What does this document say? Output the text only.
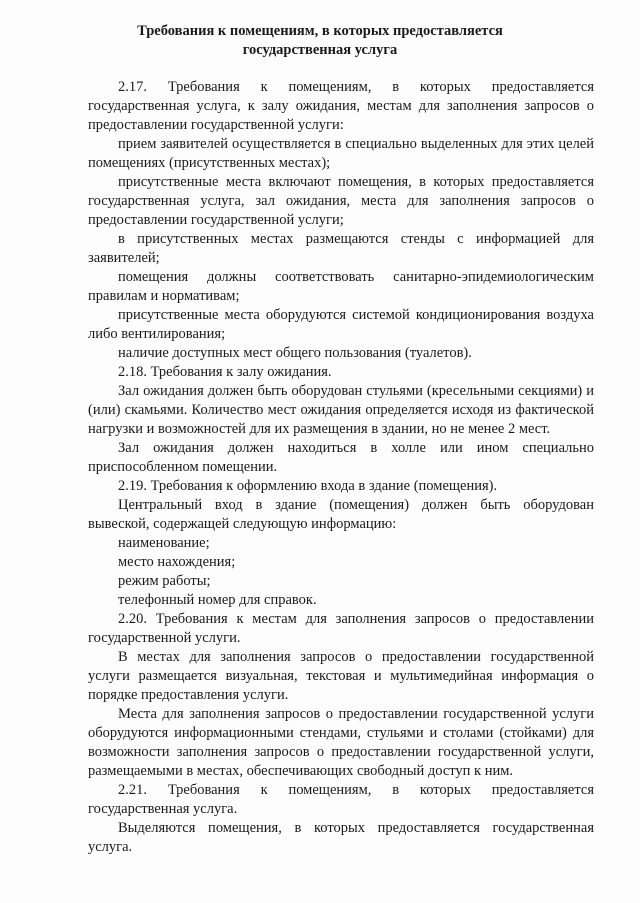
Требования к помещениям, в которых предоставляется
государственная услуга

2.17. Требования к помещениям, в которых предоставляется государственная услуга, к залу ожидания, местам для заполнения запросов о предоставлении государственной услуги:

прием заявителей осуществляется в специально выделенных для этих целей помещениях (присутственных местах);

присутственные места включают помещения, в которых предоставляется государственная услуга, зал ожидания, места для заполнения запросов о предоставлении государственной услуги;

в присутственных местах размещаются стенды с информацией для заявителей;

помещения должны соответствовать санитарно-эпидемиологическим правилам и нормативам;

присутственные места оборудуются системой кондиционирования воздуха либо вентилирования;

наличие доступных мест общего пользования (туалетов).

2.18. Требования к залу ожидания.

Зал ожидания должен быть оборудован стульями (кресельными секциями) и (или) скамьями. Количество мест ожидания определяется исходя из фактической нагрузки и возможностей для их размещения в здании, но не менее 2 мест.

Зал ожидания должен находиться в холле или ином специально приспособленном помещении.

2.19. Требования к оформлению входа в здание (помещения).

Центральный вход в здание (помещения) должен быть оборудован вывеской, содержащей следующую информацию:

наименование;

место нахождения;

режим работы;

телефонный номер для справок.

2.20. Требования к местам для заполнения запросов о предоставлении государственной услуги.

В местах для заполнения запросов о предоставлении государственной услуги размещается визуальная, текстовая и мультимедийная информация о порядке предоставления услуги.

Места для заполнения запросов о предоставлении государственной услуги оборудуются информационными стендами, стульями и столами (стойками) для возможности заполнения запросов о предоставлении государственной услуги, размещаемыми в местах, обеспечивающих свободный доступ к ним.

2.21. Требования к помещениям, в которых предоставляется государственная услуга.

Выделяются помещения, в которых предоставляется государственная услуга.
